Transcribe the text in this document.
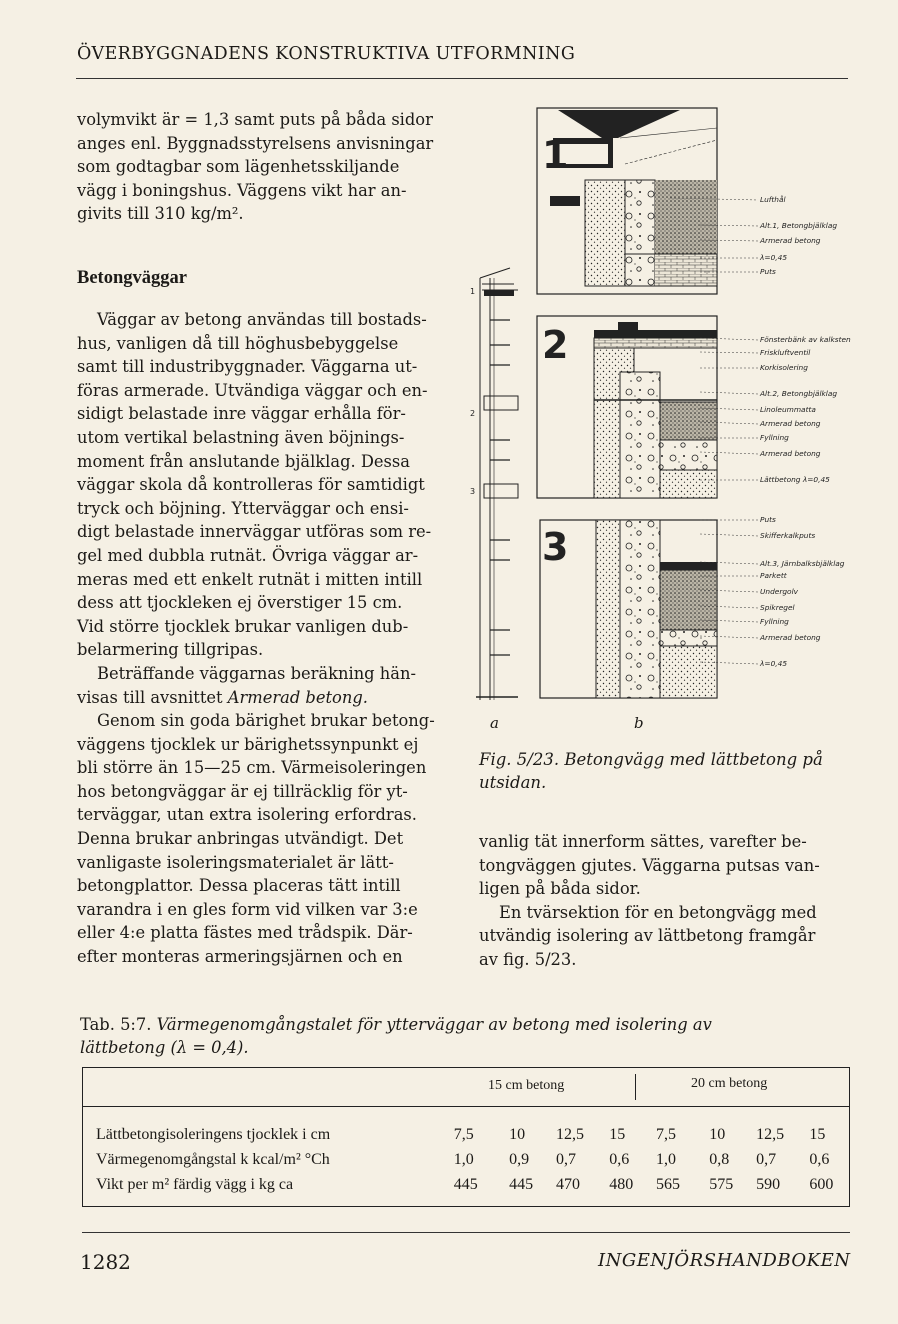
ÖVERBYGGNADENS KONSTRUKTIVA UTFORMNING

volymvikt är = 1,3 samt puts på båda sidor

anges enl. Byggnadsstyrelsens anvisningar

som godtagbar som lägenhetsskiljande

vägg i boningshus. Väggens vikt har an-

givits till 310 kg/m².

Betongväggar

Väggar av betong användas till bostads-

hus, vanligen då till höghusbebyggelse

samt till industribyggnader. Väggarna ut-

föras armerade. Utvändiga väggar och en-

sidigt belastade inre väggar erhålla för-

utom vertikal belastning även böjnings-

moment från anslutande bjälklag. Dessa

väggar skola då kontrolleras för samtidigt

tryck och böjning. Ytterväggar och ensi-

digt belastade innerväggar utföras som re-

gel med dubbla rutnät. Övriga väggar ar-

meras med ett enkelt rutnät i mitten intill

dess att tjockleken ej överstiger 15 cm.

Vid större tjocklek brukar vanligen dub-

belarmering tillgripas.

Beträffande väggarnas beräkning hän-

visas till avsnittet Armerad betong.

Genom sin goda bärighet brukar betong-

väggens tjocklek ur bärighetssynpunkt ej

bli större än 15—25 cm. Värmeisoleringen

hos betongväggar är ej tillräcklig för yt-

terväggar, utan extra isolering erfordras.

Denna brukar anbringas utvändigt. Det

vanligaste isoleringsmaterialet är lätt-

betongplattor. Dessa placeras tätt intill

varandra i en gles form vid vilken var 3:e

eller 4:e platta fästes med trådspik. Där-

efter monteras armeringsjärnen och en

1
2
3
1
2
3
Lufthål
Alt.1, Betongbjälklag
Armerad betong
λ=0,45
Puts
Fönsterbänk av kalksten
Friskluftventil
Korkisolering
Alt.2, Betongbjälklag
Linoleummatta
Armerad betong
Fyllning
Armerad betong
Lättbetong λ=0,45
Puts
Skifferkalkputs
Alt.3, Järnbalksbjälklag
Parkett
Undergolv
Spikregel
Fyllning
Armerad betong
λ=0,45
a	b
Fig. 5/23. Betongvägg med lättbetong på
utsidan.

vanlig tät innerform sättes, varefter be-

tongväggen gjutes. Väggarna putsas van-

ligen på båda sidor.

En tvärsektion för en betongvägg med

utvändig isolering av lättbetong framgår

av fig. 5/23.

Tab. 5:7. Värmegenomgångstalet för ytterväggar av betong med isolering av
lättbetong (λ = 0,4).
15 cm betong	20 cm betong
Lättbetongisoleringens tjocklek i cm	7,5	10	12,5	15	7,5	10	12,5	15
Värmegenomgångstal k kcal/m² °Ch	1,0	0,9	0,7	0,6	1,0	0,8	0,7	0,6
Vikt per m² färdig vägg i kg ca	445	445	470	480	565	575	590	600
1282	INGENJÖRSHANDBOKEN
